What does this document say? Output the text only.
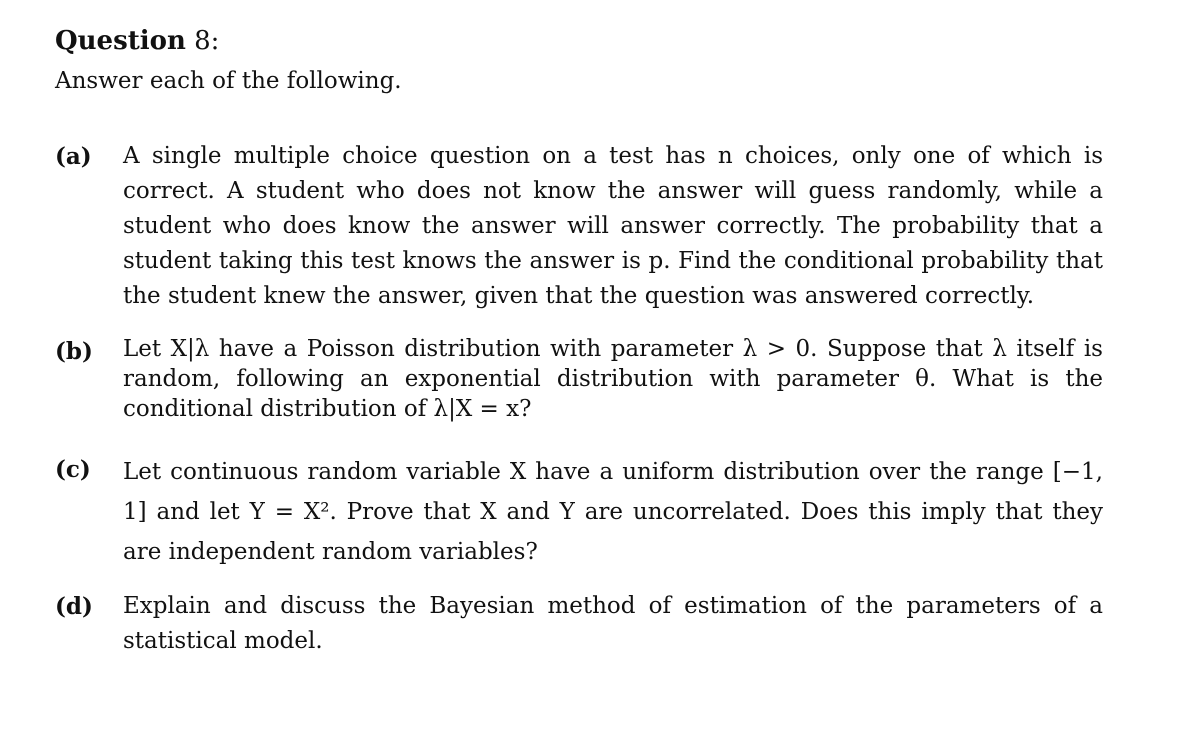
Question 8:
Answer each of the following.
(a) A single multiple choice question on a test has n choices, only one of which is correct. A student who does not know the answer will guess randomly, while a student who does know the answer will answer correctly. The probability that a student taking this test knows the answer is p. Find the conditional probability that the student knew the answer, given that the question was answered correctly.
(b) Let X|λ have a Poisson distribution with parameter λ > 0. Suppose that λ itself is random, following an exponential distribution with parameter θ. What is the conditional distribution of λ|X = x?
(c) Let continuous random variable X have a uniform distribution over the range [−1, 1] and let Y = X². Prove that X and Y are uncorrelated. Does this imply that they are independent random variables?
(d) Explain and discuss the Bayesian method of estimation of the parameters of a statistical model.
